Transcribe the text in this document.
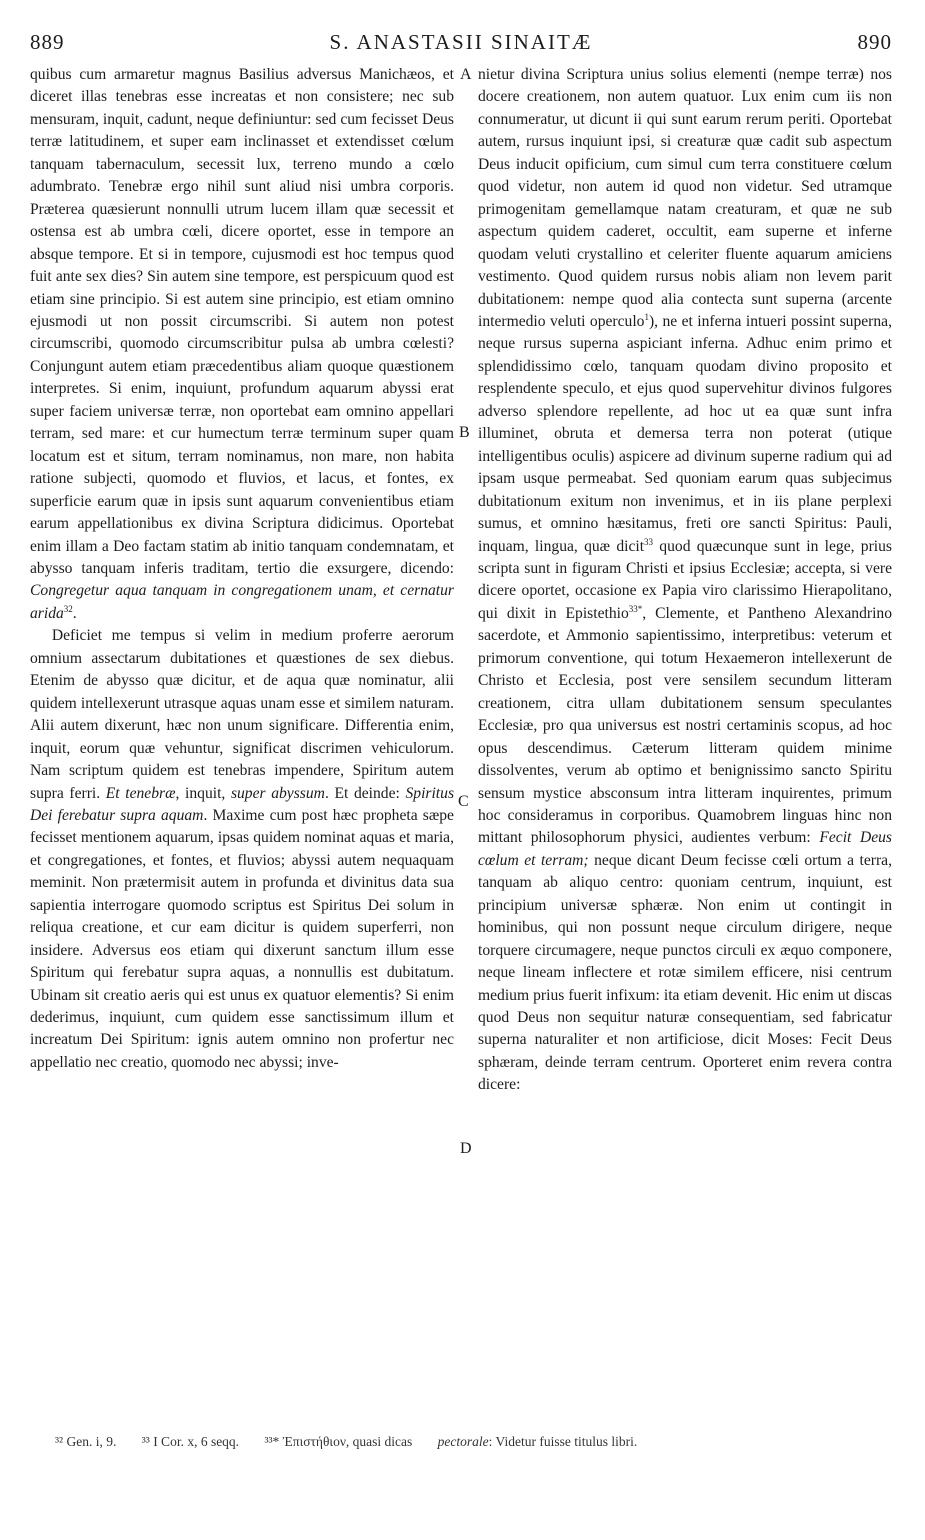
889	S. ANASTASII SINAITÆ	890

quibus cum armaretur magnus Basilius adversus Manichæos, et diceret illas tenebras esse increatas et non consistere; nec sub mensuram, inquit, cadunt, neque definiuntur: sed cum fecisset Deus terræ latitudinem, et super eam inclinasset et extendisset cœlum tanquam tabernaculum, secessit lux, terreno mundo a cœlo adumbrato. Tenebræ ergo nihil sunt aliud nisi umbra corporis. Præterea quæsierunt nonnulli utrum lucem illam quæ secessit et ostensa est ab umbra cœli, dicere oportet, esse in tempore an absque tempore. Et si in tempore, cujusmodi est hoc tempus quod fuit ante sex dies? Sin autem sine tempore, est perspicuum quod est etiam sine principio. Si est autem sine principio, est etiam omnino ejusmodi ut non possit circumscribi. Si autem non potest circumscribi, quomodo circumscribitur pulsa ab umbra cœlesti? Conjungunt autem etiam præcedentibus aliam quoque quæstionem interpretes. Si enim, inquiunt, profundum aquarum abyssi erat super faciem universæ terræ, non oportebat eam omnino appellari terram, sed mare: et cur humectum terræ terminum super quam locatum est et situm, terram nominamus, non mare, non habita ratione subjecti, quomodo et fluvios, et lacus, et fontes, ex superficie earum quæ in ipsis sunt aquarum convenientibus etiam earum appellationibus ex divina Scriptura didicimus. Oportebat enim illam a Deo factam statim ab initio tanquam condemnatam, et abysso tanquam inferis traditam, tertio die exsurgere, dicendo: Congregetur aqua tanquam in congregationem unam, et cernatur arida$^{32}$.

Deficiet me tempus si velim in medium proferre aerorum omnium assectarum dubitationes et quæstiones de sex diebus. Etenim de abysso quæ dicitur, et de aqua quæ nominatur, alii quidem intellexerunt utrasque aquas unam esse et similem naturam. Alii autem dixerunt, hæc non unum significare. Differentia enim, inquit, eorum quæ vehuntur, significat discrimen vehiculorum. Nam scriptum quidem est tenebras impendere, Spiritum autem supra ferri. Et tenebræ, inquit, super abyssum. Et deinde: Spiritus Dei ferebatur supra aquam. Maxime cum post hæc propheta sæpe fecisset mentionem aquarum, ipsas quidem nominat aquas et maria, et congregationes, et fontes, et fluvios; abyssi autem nequaquam meminit. Non prætermisit autem in profunda et divinitus data sua sapientia interrogare quomodo scriptus est Spiritus Dei solum in reliqua creatione, et cur eam dicitur is quidem superferri, non insidere. Adversus eos etiam qui dixerunt sanctum illum esse Spiritum qui ferebatur supra aquas, a nonnullis est dubitatum. Ubinam sit creatio aeris qui est unus ex quatuor elementis? Si enim dederimus, inquiunt, cum quidem esse sanctissimum illum et increatum Dei Spiritum: ignis autem omnino non profertur nec appellatio nec creatio, quomodo nec abyssi; inve-

A
B
C
D

nietur divina Scriptura unius solius elementi (nempe terræ) nos docere creationem, non autem quatuor. Lux enim cum iis non connumeratur, ut dicunt ii qui sunt earum rerum periti. Oportebat autem, rursus inquiunt ipsi, si creaturæ quæ cadit sub aspectum Deus inducit opificium, cum simul cum terra constituere cœlum quod videtur, non autem id quod non videtur. Sed utramque primogenitam gemellamque natam creaturam, et quæ ne sub aspectum quidem caderet, occultit, eam superne et inferne quodam veluti crystallino et celeriter fluente aquarum amiciens vestimento. Quod quidem rursus nobis aliam non levem parit dubitationem: nempe quod alia contecta sunt superna (arcente intermedio veluti operculo$^1$), ne et inferna intueri possint superna, neque rursus superna aspiciant inferna. Adhuc enim primo et splendidissimo cœlo, tanquam quodam divino proposito et resplendente speculo, et ejus quod supervehitur divinos fulgores adverso splendore repellente, ad hoc ut ea quæ sunt infra illuminet, obruta et demersa terra non poterat (utique intelligentibus oculis) aspicere ad divinum superne radium qui ad ipsam usque permeabat. Sed quoniam earum quas subjecimus dubitationum exitum non invenimus, et in iis plane perplexi sumus, et omnino hæsitamus, freti ore sancti Spiritus: Pauli, inquam, lingua, quæ dicit$^{33}$ quod quæcunque sunt in lege, prius scripta sunt in figuram Christi et ipsius Ecclesiæ; accepta, si vere dicere oportet, occasione ex Papia viro clarissimo Hierapolitano, qui dixit in Epistethio$^{33*}$, Clemente, et Pantheno Alexandrino sacerdote, et Ammonio sapientissimo, interpretibus: veterum et primorum conventione, qui totum Hexaemeron intellexerunt de Christo et Ecclesia, post vere sensilem secundum litteram creationem, citra ullam dubitationem sensum speculantes Ecclesiæ, pro qua universus est nostri certaminis scopus, ad hoc opus descendimus. Cæterum litteram quidem minime dissolventes, verum ab optimo et benignissimo sancto Spiritu sensum mystice absconsum intra litteram inquirentes, primum hoc consideramus in corporibus. Quamobrem linguas hinc non mittant philosophorum physici, audientes verbum: Fecit Deus cœlum et terram; neque dicant Deum fecisse cœli ortum a terra, tanquam ab aliquo centro: quoniam centrum, inquiunt, est principium universæ sphæræ. Non enim ut contingit in hominibus, qui non possunt neque circulum dirigere, neque torquere circumagere, neque punctos circuli ex æquo componere, neque lineam inflectere et rotæ similem efficere, nisi centrum medium prius fuerit infixum: ita etiam devenit. Hic enim ut discas quod Deus non sequitur naturæ consequentiam, sed fabricatur superna naturaliter et non artificiose, dicit Moses: Fecit Deus sphæram, deinde terram centrum. Oporteret enim revera contra dicere:

³² Gen. i, 9. ³³ I Cor. x, 6 seqq. ³³* Ἐπιστήθιον, quasi dicas pectorale: Videtur fuisse titulus libri.
